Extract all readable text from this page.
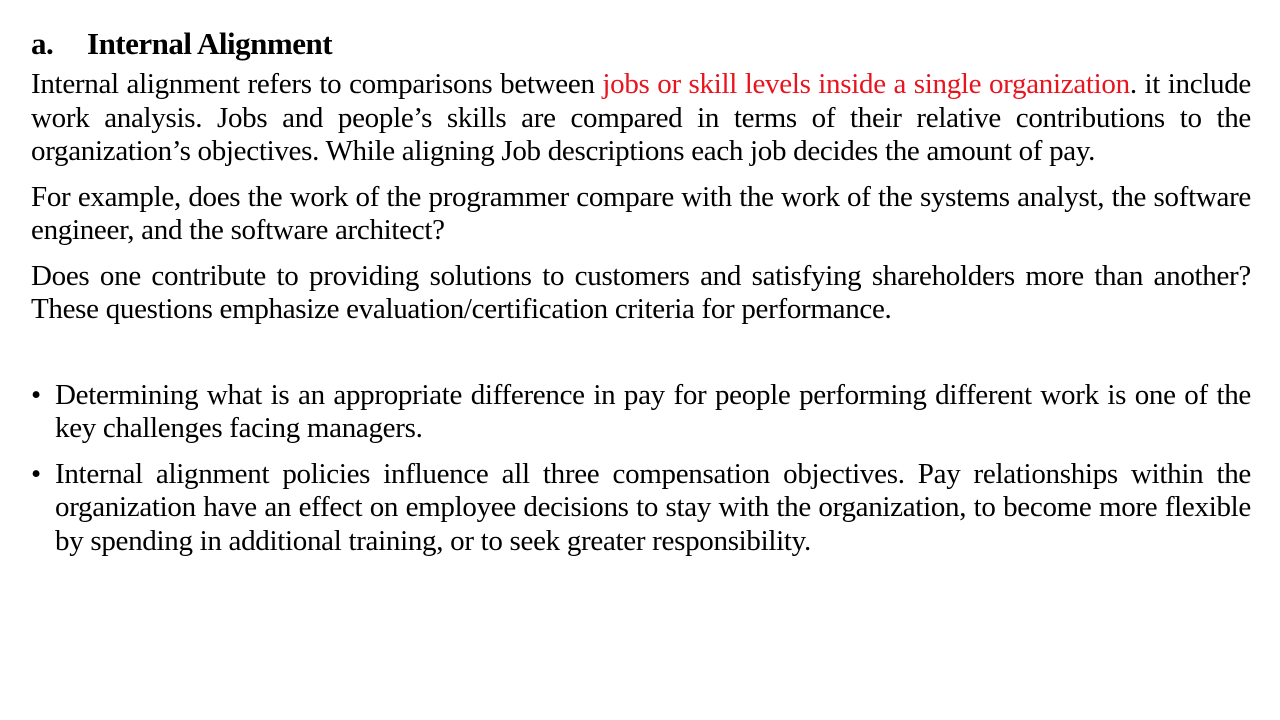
a.	Internal Alignment

Internal alignment refers to comparisons between jobs or skill levels inside a single organization. it include work analysis. Jobs and people’s skills are compared in terms of their relative contributions to the organization’s objectives. While aligning Job descriptions each job decides the amount of pay.

For example, does the work of the programmer compare with the work of the systems analyst, the software engineer, and the software architect?

Does one contribute to providing solutions to customers and satisfying shareholders more than another? These questions emphasize evaluation/certification criteria for performance.

• Determining what is an appropriate difference in pay for people performing different work is one of the key challenges facing managers.
• Internal alignment policies influence all three compensation objectives. Pay relationships within the organization have an effect on employee decisions to stay with the organization, to become more flexible by spending in additional training, or to seek greater responsibility.
